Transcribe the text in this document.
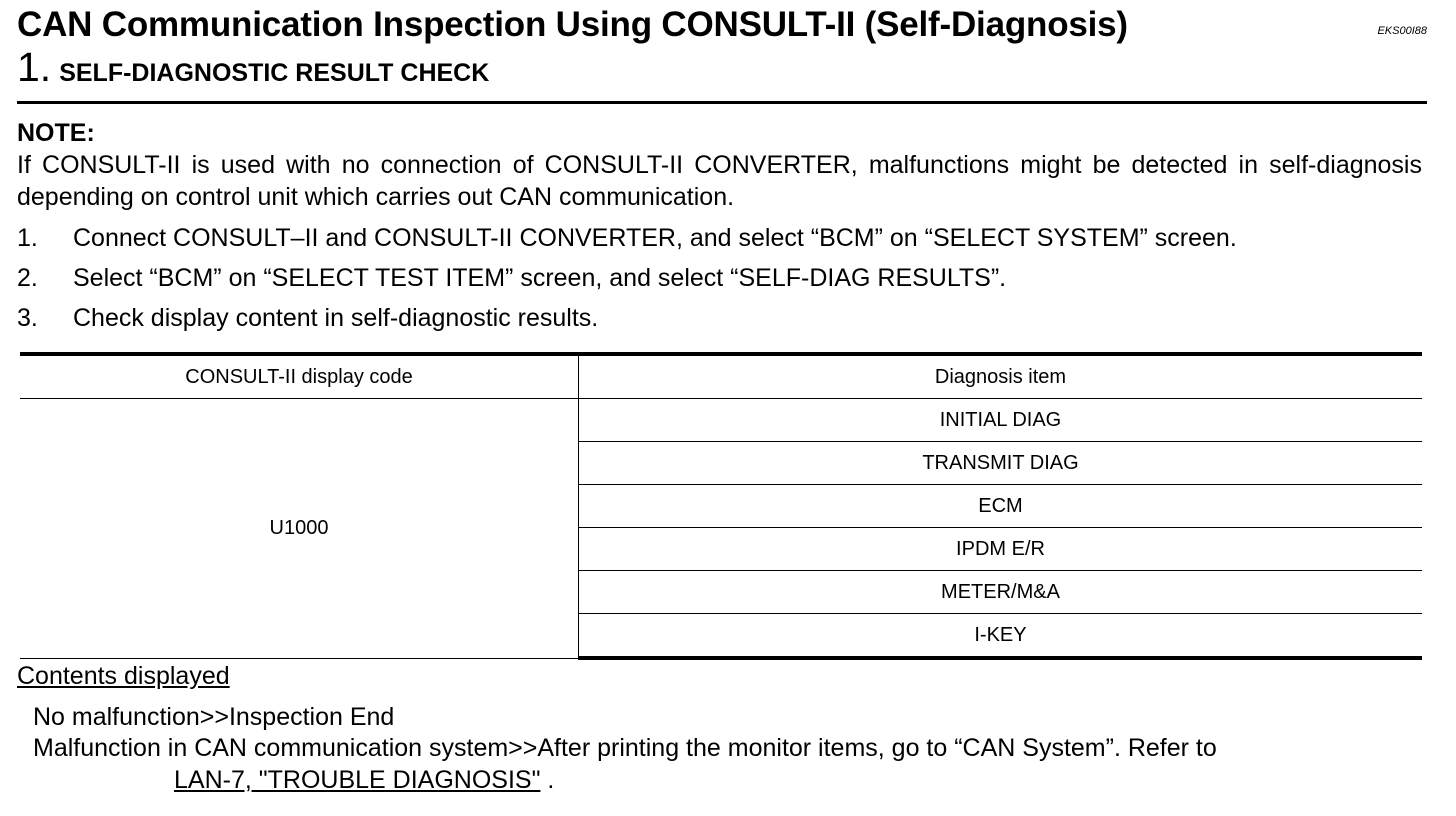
CAN Communication Inspection Using CONSULT-II (Self-Diagnosis)	EKS00I88
1. SELF-DIAGNOSTIC RESULT CHECK
NOTE:
If CONSULT-II is used with no connection of CONSULT-II CONVERTER, malfunctions might be detected in self-diagnosis depending on control unit which carries out CAN communication.
1. Connect CONSULT–II and CONSULT-II CONVERTER, and select “BCM” on “SELECT SYSTEM” screen.
2. Select “BCM” on “SELECT TEST ITEM” screen, and select “SELF-DIAG RESULTS”.
3. Check display content in self-diagnostic results.
CONSULT-II display code	Diagnosis item
U1000	INITIAL DIAG
	TRANSMIT DIAG
	ECM
	IPDM E/R
	METER/M&A
	I-KEY
Contents displayed
No malfunction>>Inspection End
Malfunction in CAN communication system>>After printing the monitor items, go to “CAN System”. Refer to
LAN-7, "TROUBLE DIAGNOSIS" .
